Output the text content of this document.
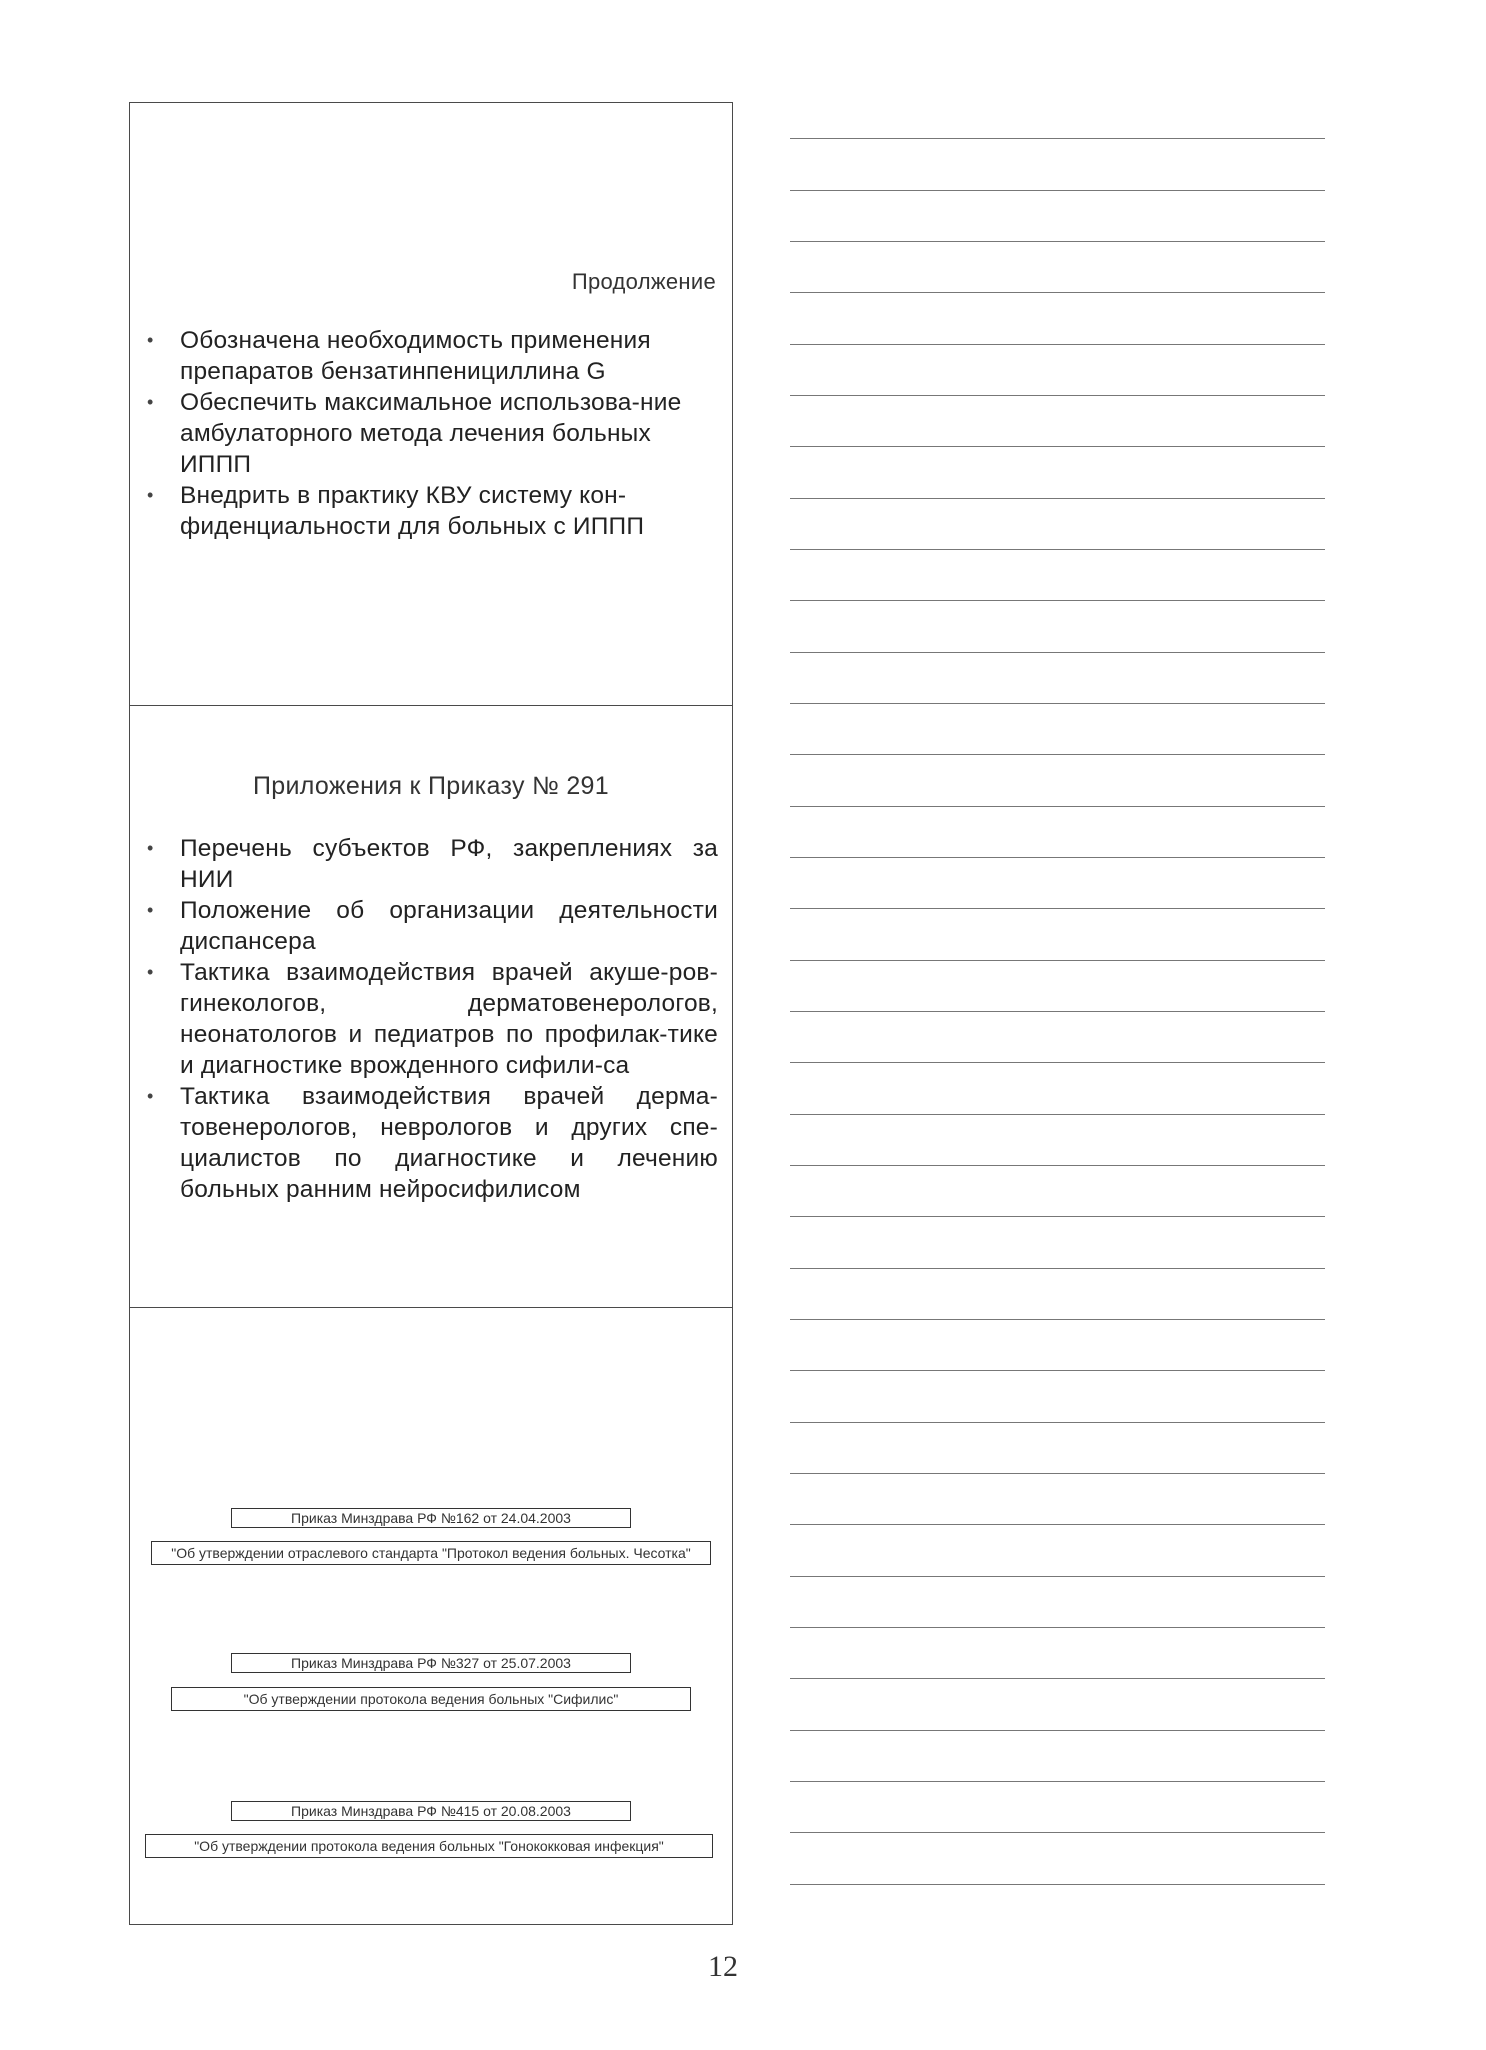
Продолжение
• Обозначена необходимость применения препаратов бензатинпенициллина G
• Обеспечить максимальное использова-ние амбулаторного метода лечения больных ИППП
• Внедрить в практику КВУ систему кон-фиденциальности для больных с ИППП
Приложения к Приказу № 291
• Перечень субъектов РФ, закреплениях за НИИ
• Положение об организации деятельности диспансера
• Тактика взаимодействия врачей акуше-ров-гинекологов, дерматовенерологов, неонатологов и педиатров по профилак-тике и диагностике врожденного сифили-са
• Тактика взаимодействия врачей дерма-товенерологов, неврологов и других спе-циалистов по диагностике и лечению больных ранним нейросифилисом
Приказ Минздрава РФ №162 от 24.04.2003
"Об утверждении отраслевого стандарта "Протокол ведения больных. Чесотка"
Приказ Минздрава РФ №327 от 25.07.2003
"Об утверждении протокола ведения больных "Сифилис"
Приказ Минздрава РФ №415 от 20.08.2003
"Об утверждении протокола ведения больных "Гонококковая инфекция"
12
